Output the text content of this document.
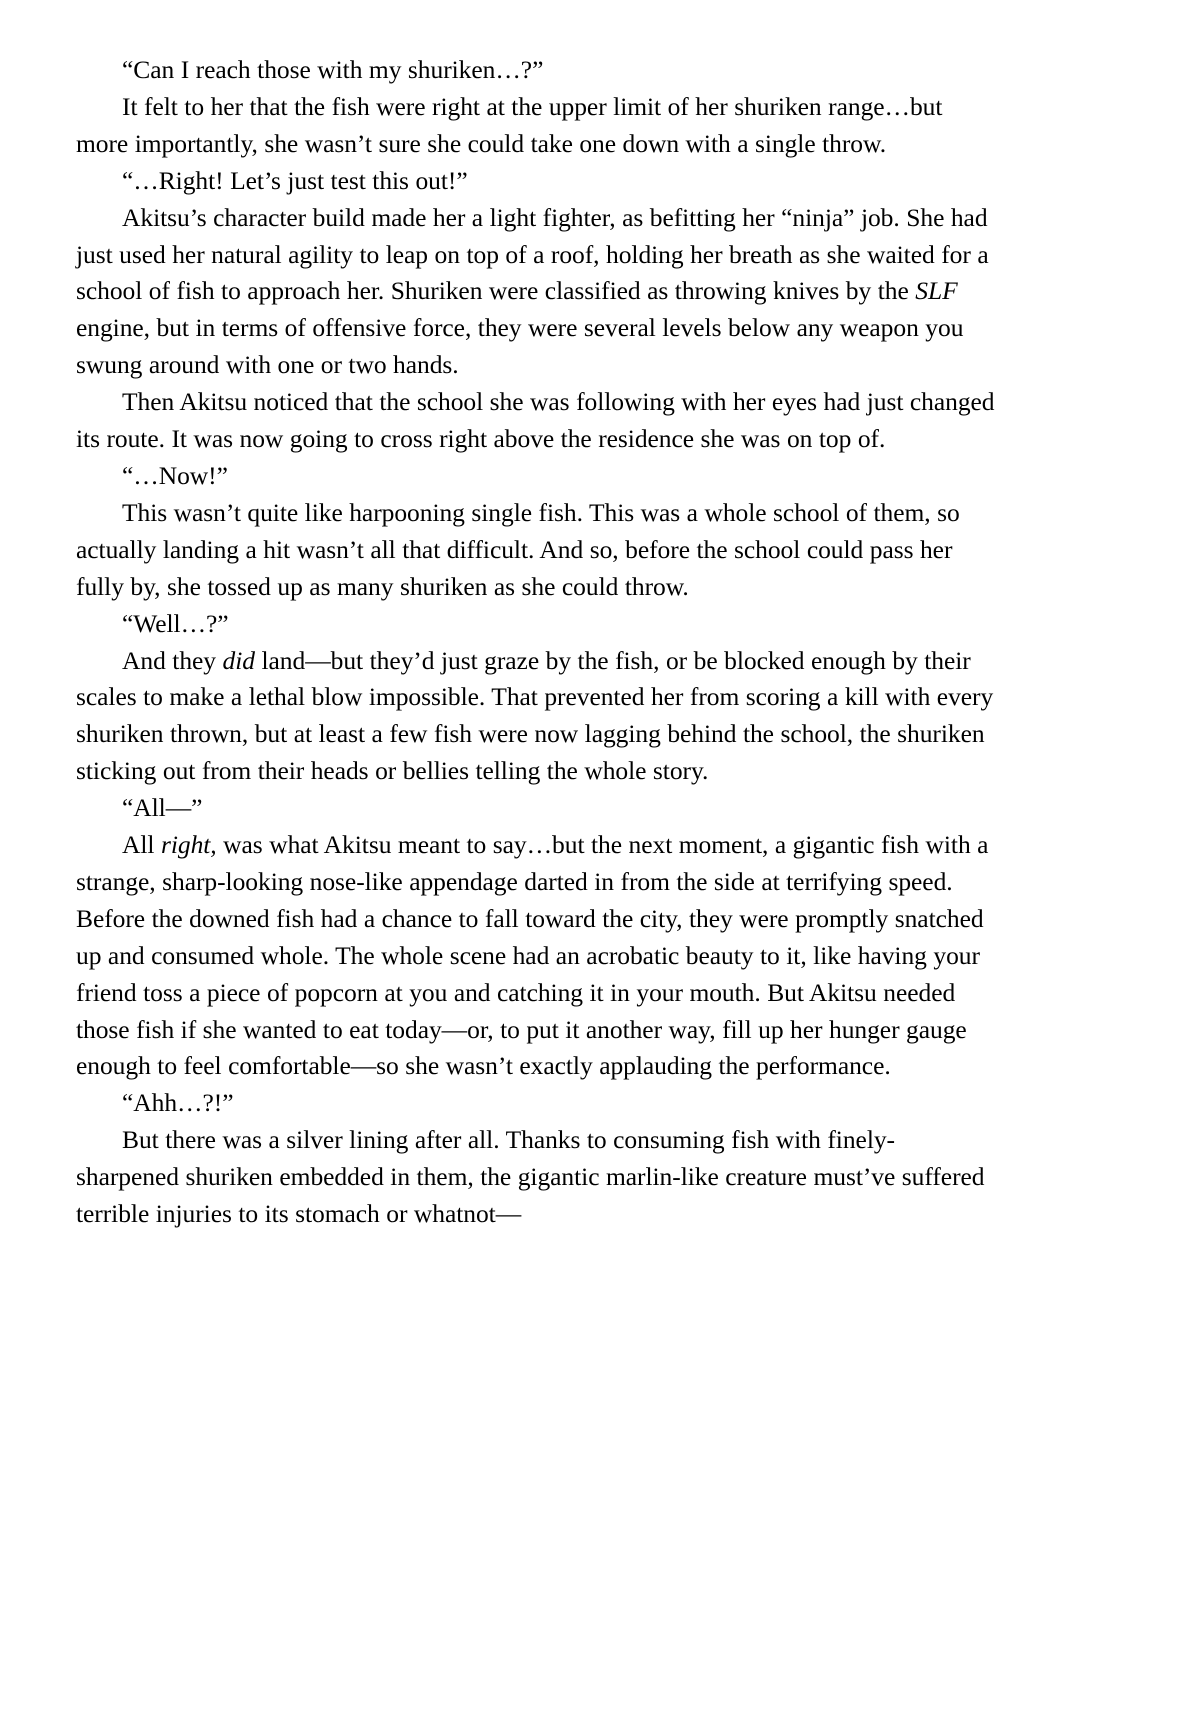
“Can I reach those with my shuriken…?”

It felt to her that the fish were right at the upper limit of her shuriken range…but more importantly, she wasn’t sure she could take one down with a single throw.

“…Right! Let’s just test this out!”

Akitsu’s character build made her a light fighter, as befitting her “ninja” job. She had just used her natural agility to leap on top of a roof, holding her breath as she waited for a school of fish to approach her. Shuriken were classified as throwing knives by the SLF engine, but in terms of offensive force, they were several levels below any weapon you swung around with one or two hands.

Then Akitsu noticed that the school she was following with her eyes had just changed its route. It was now going to cross right above the residence she was on top of.

“…Now!”

This wasn’t quite like harpooning single fish. This was a whole school of them, so actually landing a hit wasn’t all that difficult. And so, before the school could pass her fully by, she tossed up as many shuriken as she could throw.

“Well…?”

And they did land—but they’d just graze by the fish, or be blocked enough by their scales to make a lethal blow impossible. That prevented her from scoring a kill with every shuriken thrown, but at least a few fish were now lagging behind the school, the shuriken sticking out from their heads or bellies telling the whole story.

“All—”

All right, was what Akitsu meant to say…but the next moment, a gigantic fish with a strange, sharp-looking nose-like appendage darted in from the side at terrifying speed. Before the downed fish had a chance to fall toward the city, they were promptly snatched up and consumed whole. The whole scene had an acrobatic beauty to it, like having your friend toss a piece of popcorn at you and catching it in your mouth. But Akitsu needed those fish if she wanted to eat today—or, to put it another way, fill up her hunger gauge enough to feel comfortable—so she wasn’t exactly applauding the performance.

“Ahh…?!”

But there was a silver lining after all. Thanks to consuming fish with finely-sharpened shuriken embedded in them, the gigantic marlin-like creature must’ve suffered terrible injuries to its stomach or whatnot—
